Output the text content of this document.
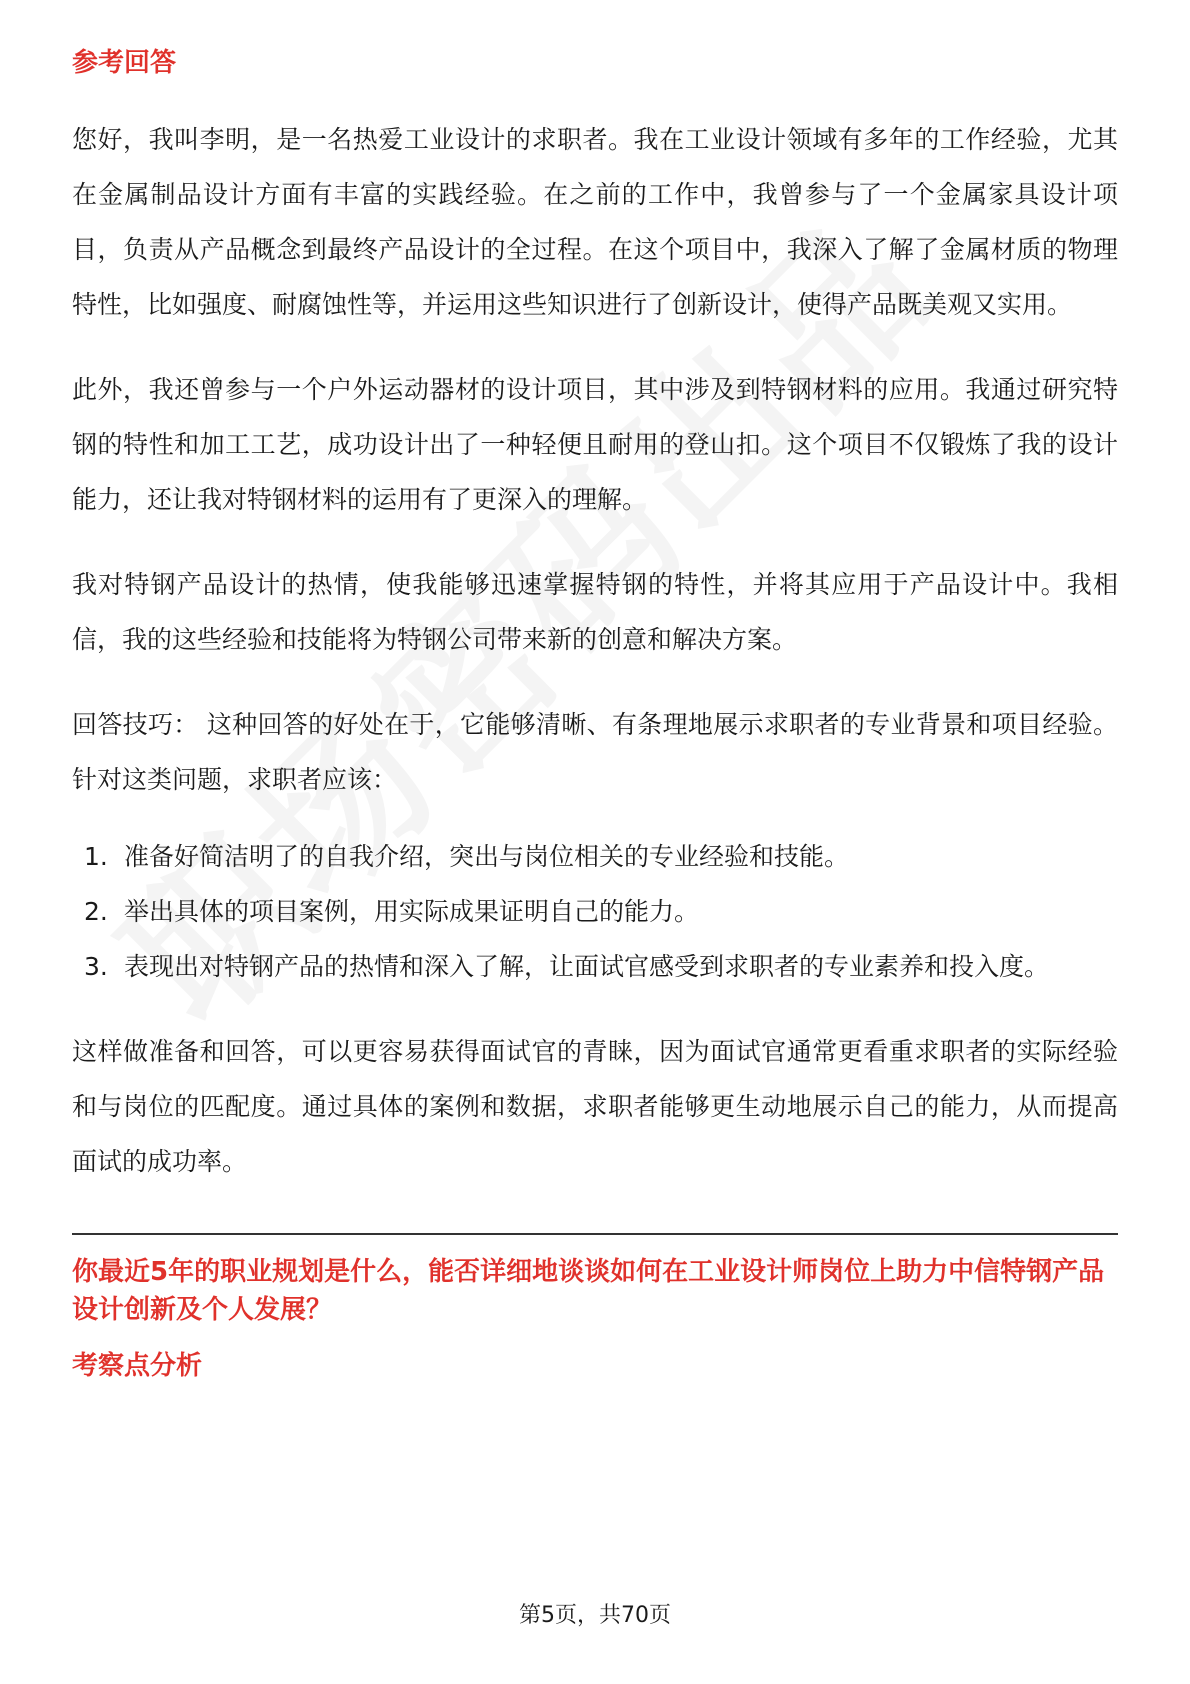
参考回答

您好，我叫李明，是一名热爱工业设计的求职者。我在工业设计领域有多年的工作经验，尤其在金属制品设计方面有丰富的实践经验。在之前的工作中，我曾参与了一个金属家具设计项目，负责从产品概念到最终产品设计的全过程。在这个项目中，我深入了解了金属材质的物理特性，比如强度、耐腐蚀性等，并运用这些知识进行了创新设计，使得产品既美观又实用。

此外，我还曾参与一个户外运动器材的设计项目，其中涉及到特钢材料的应用。我通过研究特钢的特性和加工工艺，成功设计出了一种轻便且耐用的登山扣。这个项目不仅锻炼了我的设计能力，还让我对特钢材料的运用有了更深入的理解。

我对特钢产品设计的热情，使我能够迅速掌握特钢的特性，并将其应用于产品设计中。我相信，我的这些经验和技能将为特钢公司带来新的创意和解决方案。

回答技巧： 这种回答的好处在于，它能够清晰、有条理地展示求职者的专业背景和项目经验。针对这类问题，求职者应该：

1. 准备好简洁明了的自我介绍，突出与岗位相关的专业经验和技能。
2. 举出具体的项目案例，用实际成果证明自己的能力。
3. 表现出对特钢产品的热情和深入了解，让面试官感受到求职者的专业素养和投入度。

这样做准备和回答，可以更容易获得面试官的青睐，因为面试官通常更看重求职者的实际经验和与岗位的匹配度。通过具体的案例和数据，求职者能够更生动地展示自己的能力，从而提高面试的成功率。

你最近5年的职业规划是什么，能否详细地谈谈如何在工业设计师岗位上助力中信特钢产品设计创新及个人发展？
考察点分析
第5页，共70页
